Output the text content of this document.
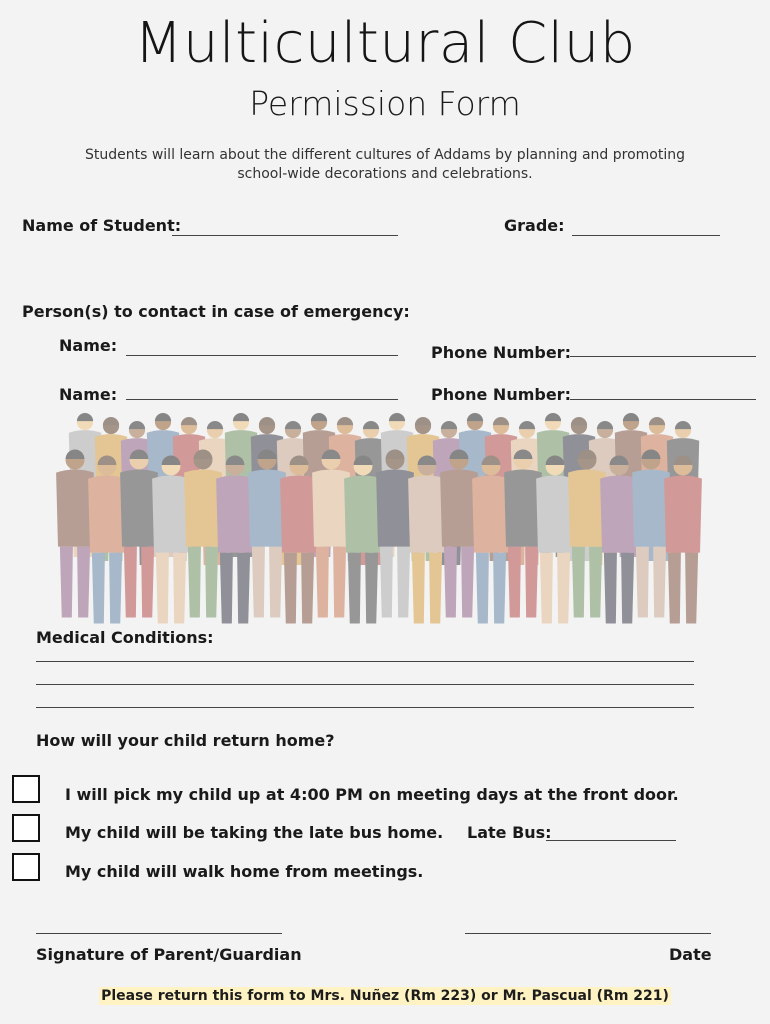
Multicultural Club
Permission Form
Students will learn about the different cultures of Addams by planning and promoting school-wide decorations and celebrations.
Name of Student:	Grade:
Person(s) to contact in case of emergency:
Name:	Phone Number:
Name:	Phone Number:
Medical Conditions:
How will your child return home?
I will pick my child up at 4:00 PM on meeting days at the front door.
My child will be taking the late bus home. Late Bus:
My child will walk home from meetings.
Signature of Parent/Guardian	Date
Please return this form to Mrs. Nuñez (Rm 223) or Mr. Pascual (Rm 221)
